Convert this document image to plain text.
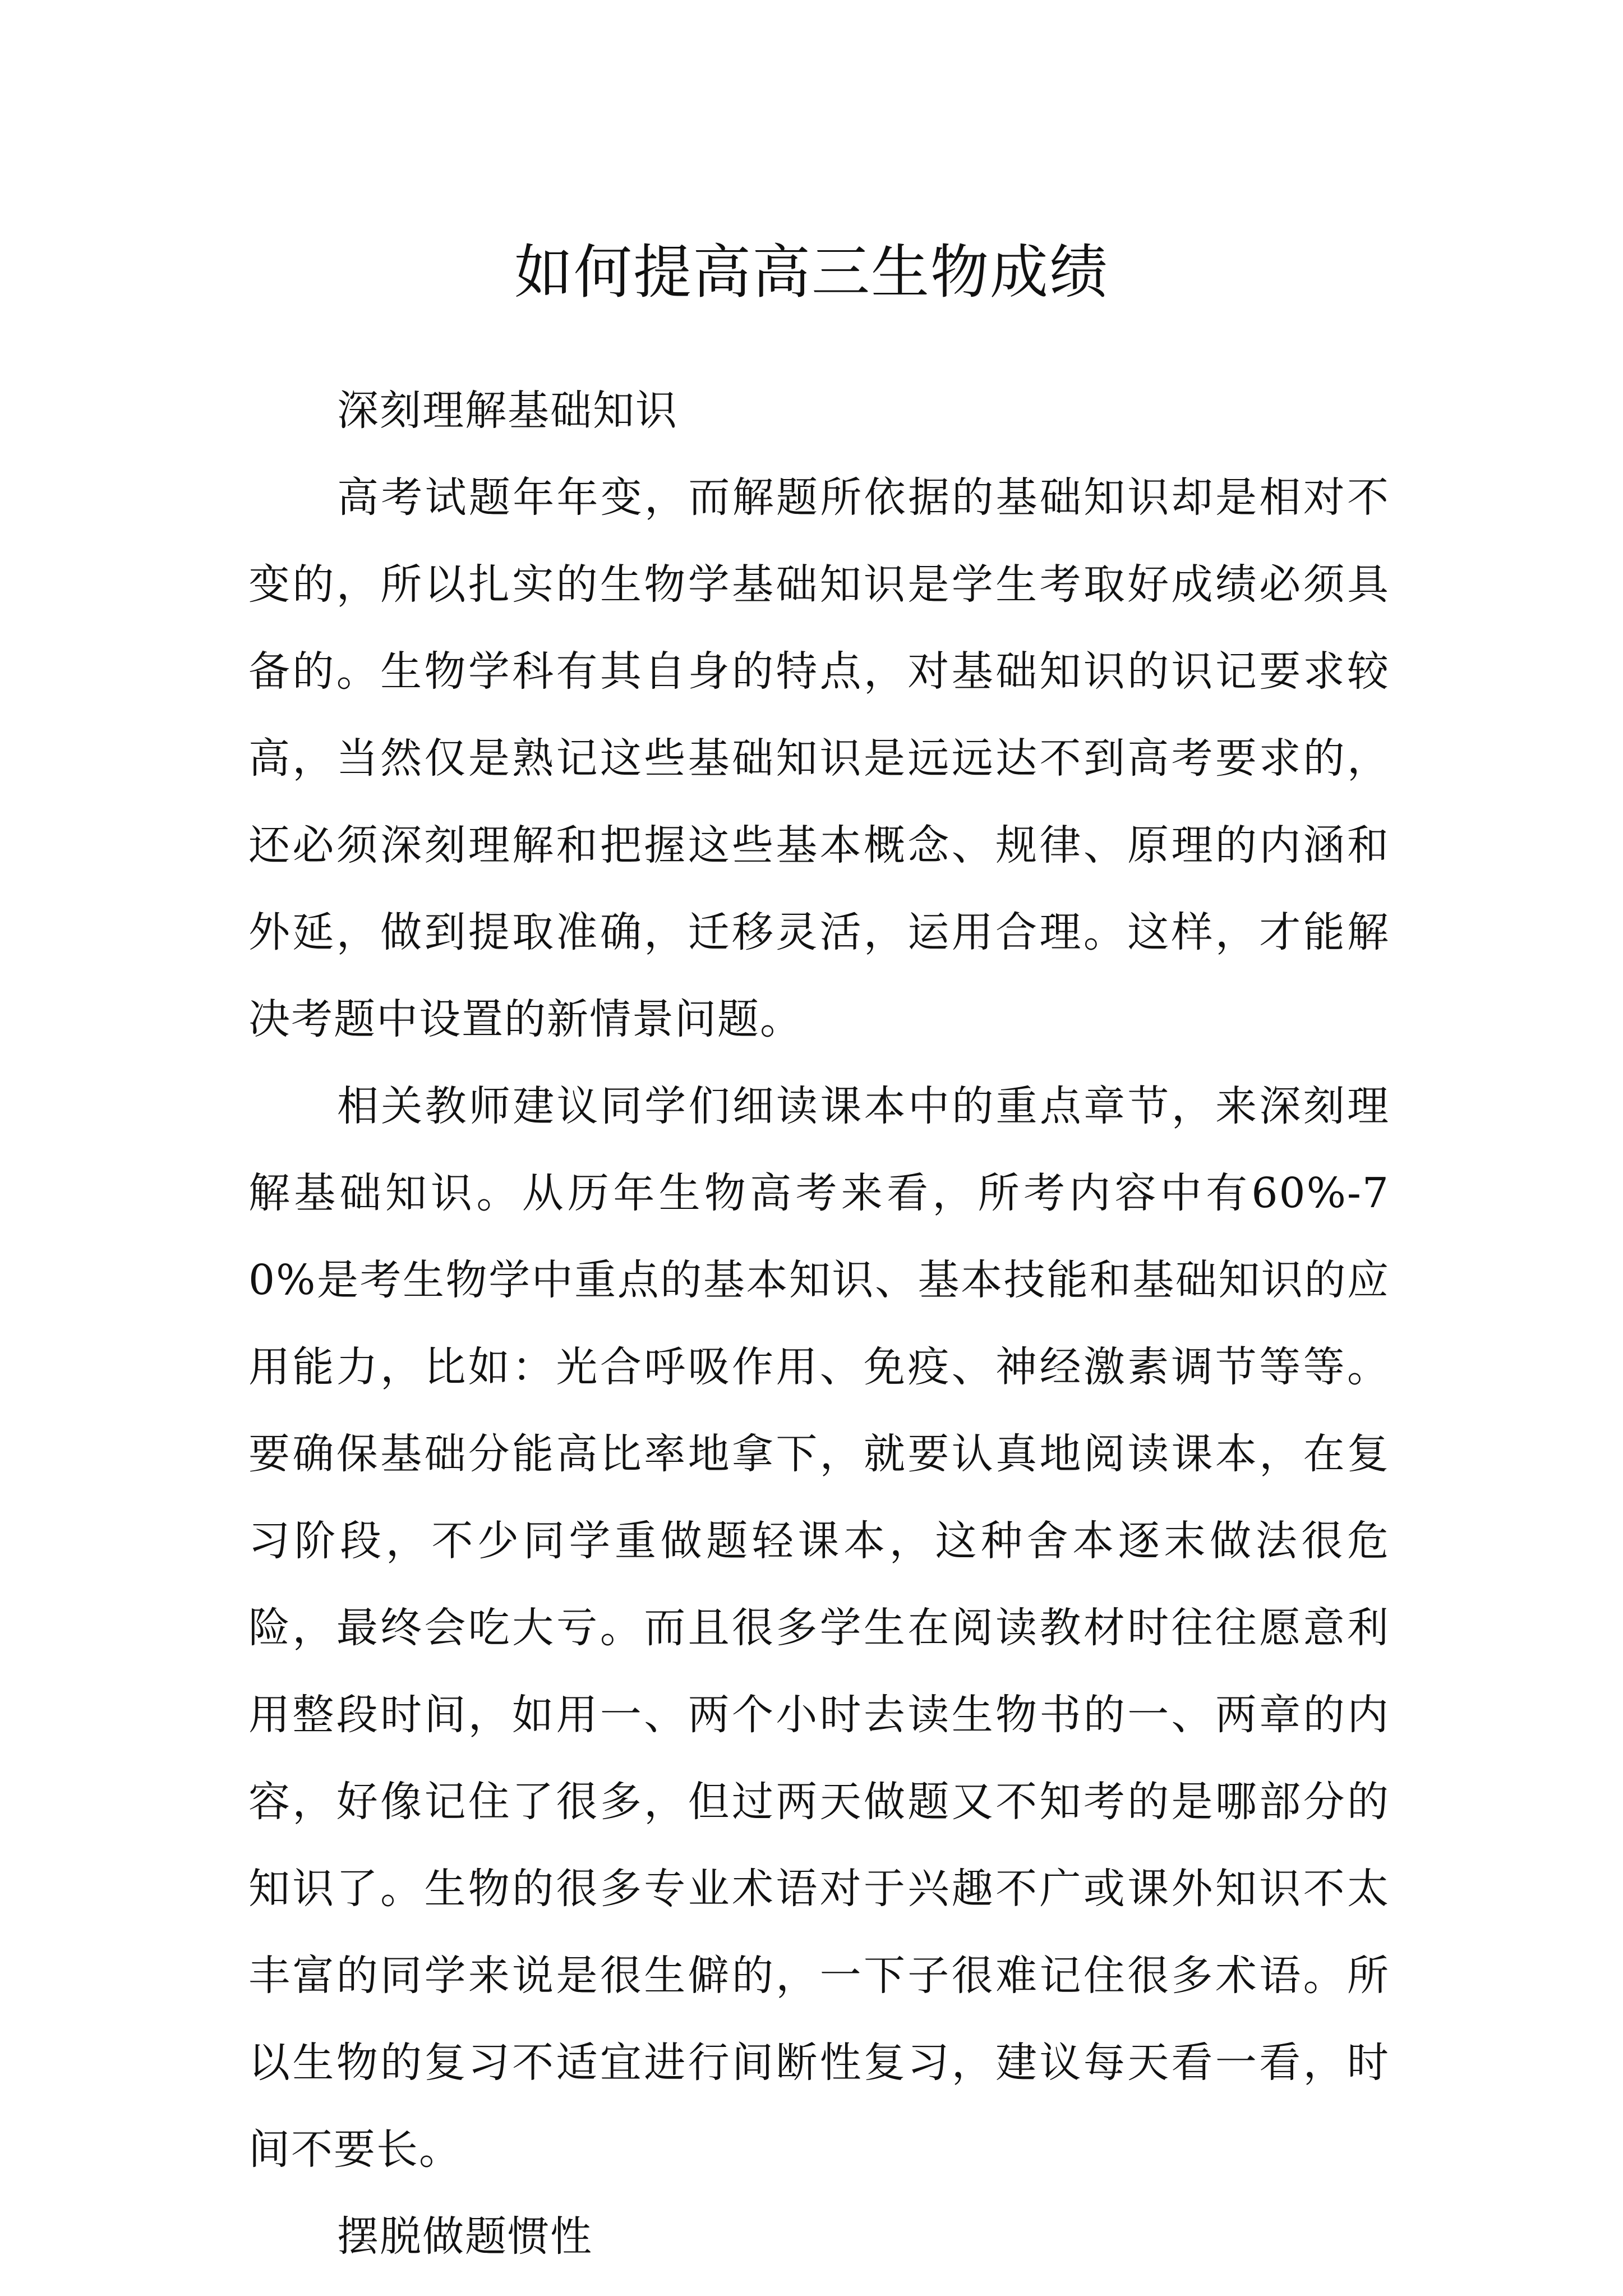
如何提高高三生物成绩

深刻理解基础知识

高考试题年年变，而解题所依据的基础知识却是相对不变的，所以扎实的生物学基础知识是学生考取好成绩必须具备的。生物学科有其自身的特点，对基础知识的识记要求较高，当然仅是熟记这些基础知识是远远达不到高考要求的，还必须深刻理解和把握这些基本概念、规律、原理的内涵和外延，做到提取准确，迁移灵活，运用合理。这样，才能解决考题中设置的新情景问题。

相关教师建议同学们细读课本中的重点章节，来深刻理解基础知识。从历年生物高考来看，所考内容中有60%-70%是考生物学中重点的基本知识、基本技能和基础知识的应用能力，比如：光合呼吸作用、免疫、神经激素调节等等。要确保基础分能高比率地拿下，就要认真地阅读课本，在复习阶段，不少同学重做题轻课本，这种舍本逐末做法很危险，最终会吃大亏。而且很多学生在阅读教材时往往愿意利用整段时间，如用一、两个小时去读生物书的一、两章的内容，好像记住了很多，但过两天做题又不知考的是哪部分的知识了。生物的很多专业术语对于兴趣不广或课外知识不太丰富的同学来说是很生僻的，一下子很难记住很多术语。所以生物的复习不适宜进行间断性复习，建议每天看一看，时间不要长。

摆脱做题惯性
